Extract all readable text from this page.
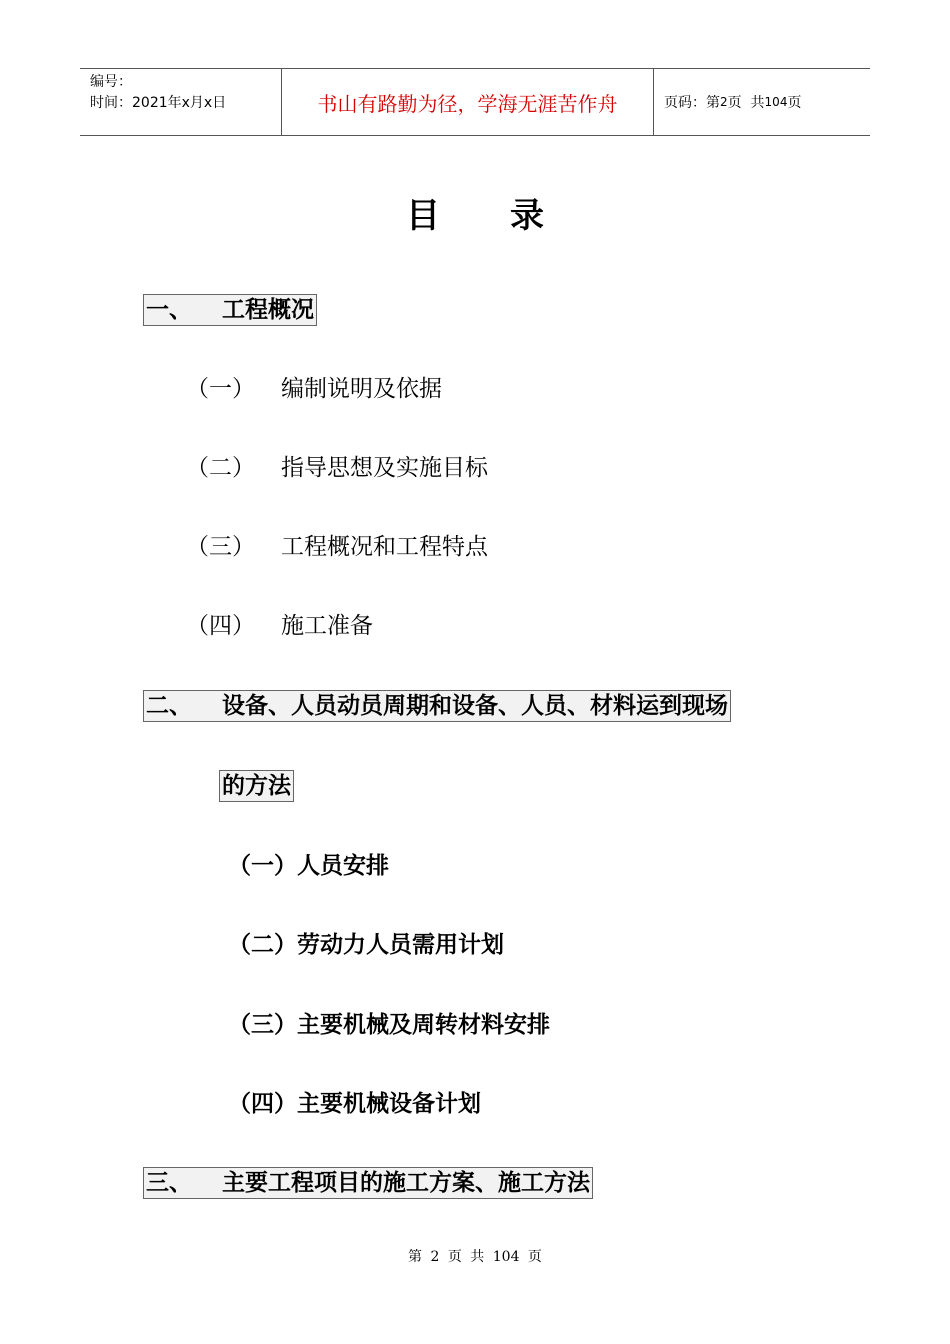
编号：
时间：2021年x月x日	书山有路勤为径，学海无涯苦作舟	页码：第 2 页  共 104 页
目 录
一、 工程概况
（一） 编制说明及依据
（二） 指导思想及实施目标
（三） 工程概况和工程特点
（四） 施工准备
二、 设备、人员动员周期和设备、人员、材料运到现场
的方法
（一）人员安排
（二）劳动力人员需用计划
（三）主要机械及周转材料安排
（四）主要机械设备计划
三、 主要工程项目的施工方案、施工方法
第 2 页 共 104 页
